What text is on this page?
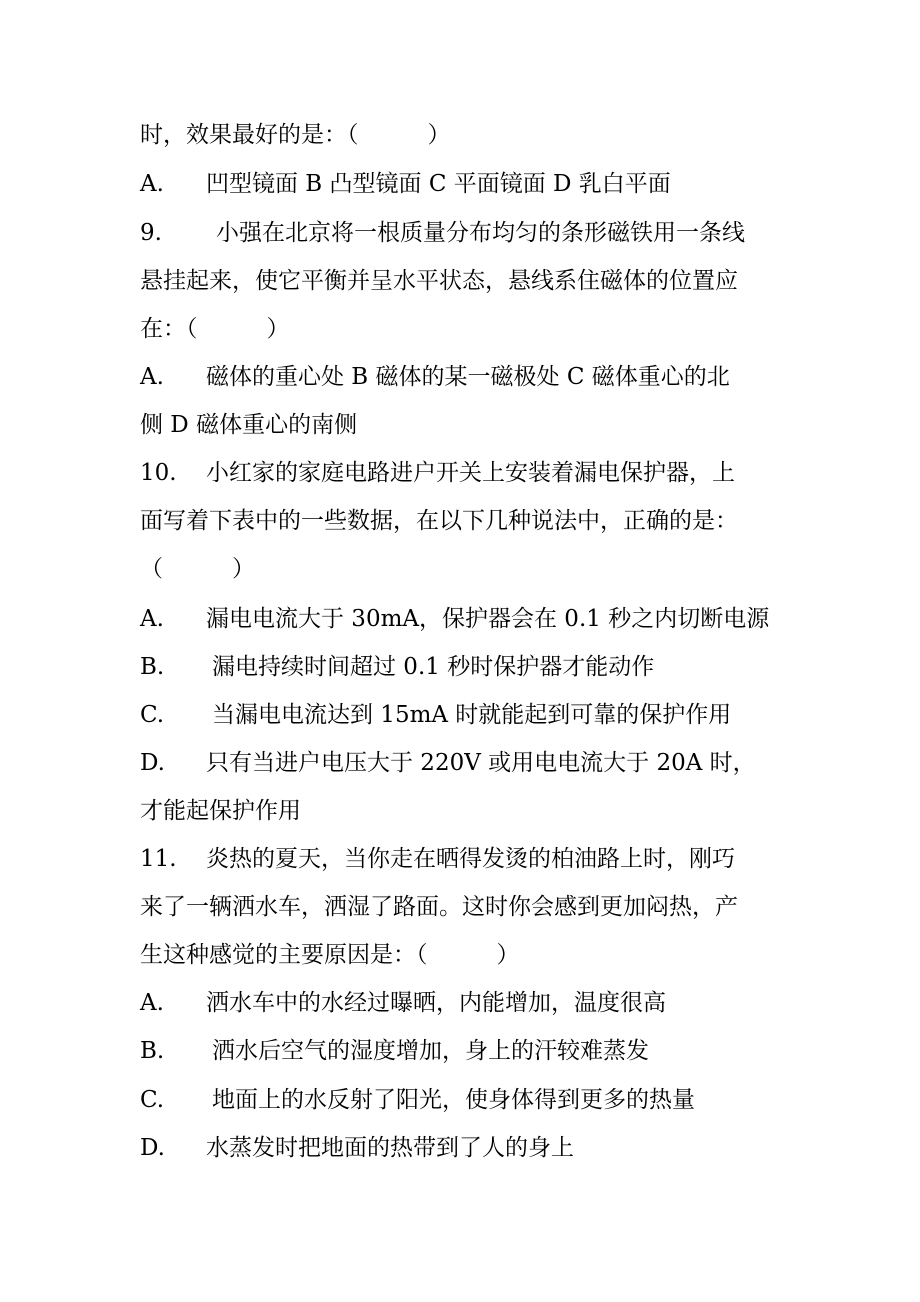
时，效果最好的是：（　　　）
A. 凹型镜面 B 凸型镜面 C 平面镜面 D 乳白平面
9. 小强在北京将一根质量分布均匀的条形磁铁用一条线
悬挂起来，使它平衡并呈水平状态，悬线系住磁体的位置应
在：（　　　）
A. 磁体的重心处 B 磁体的某一磁极处 C 磁体重心的北
侧 D 磁体重心的南侧
10. 小红家的家庭电路进户开关上安装着漏电保护器，上
面写着下表中的一些数据，在以下几种说法中，正确的是：
（　　　）
A. 漏电电流大于 30mA，保护器会在 0.1 秒之内切断电源
B. 漏电持续时间超过 0.1 秒时保护器才能动作
C. 当漏电电流达到 15mA 时就能起到可靠的保护作用
D. 只有当进户电压大于 220V 或用电电流大于 20A 时，
才能起保护作用
11. 炎热的夏天，当你走在晒得发烫的柏油路上时，刚巧
来了一辆洒水车，洒湿了路面。这时你会感到更加闷热，产
生这种感觉的主要原因是：（　　　）
A. 洒水车中的水经过曝晒，内能增加，温度很高
B. 洒水后空气的湿度增加，身上的汗较难蒸发
C. 地面上的水反射了阳光，使身体得到更多的热量
D. 水蒸发时把地面的热带到了人的身上
